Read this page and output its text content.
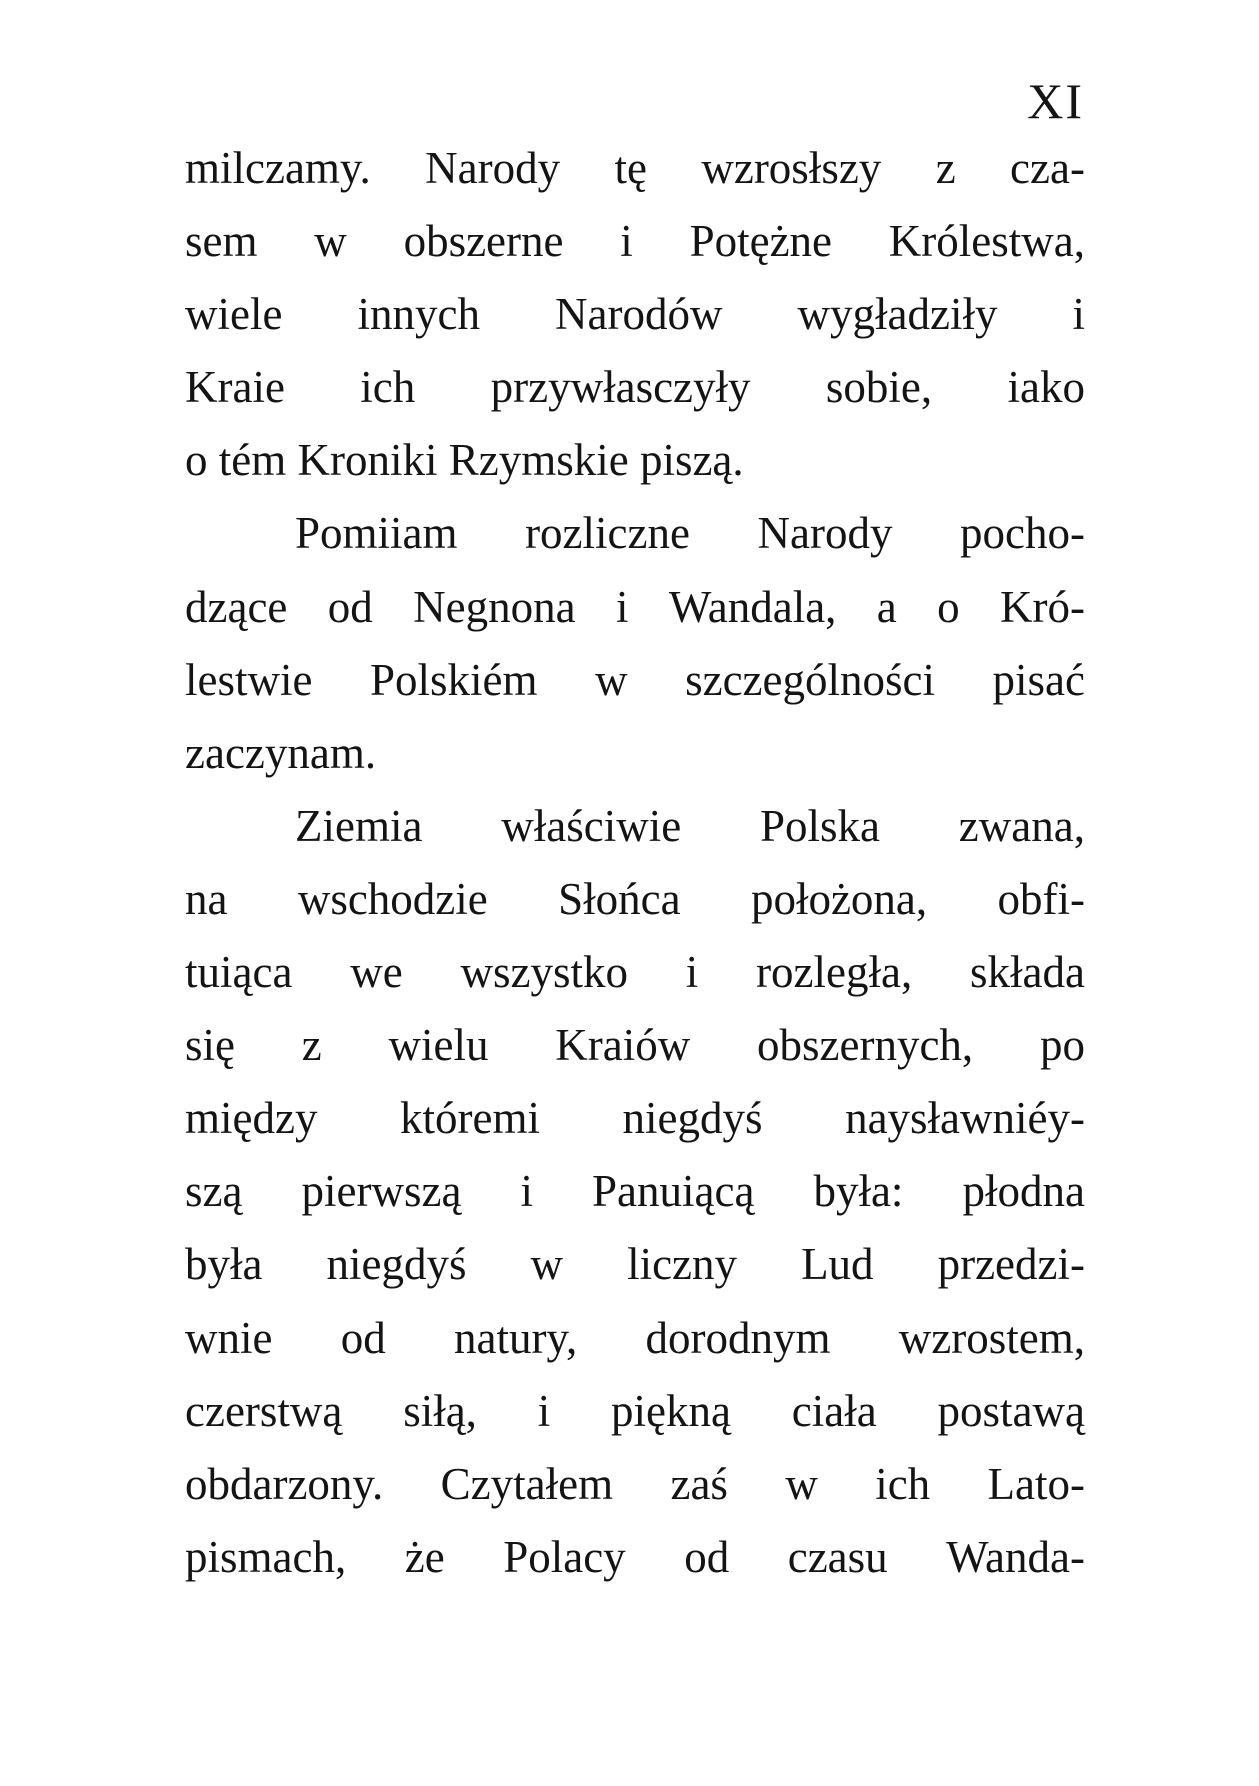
XI
milczamy. Narody tę wzrosłszy z cza-
sem w obszerne i Potężne Królestwa,
wiele innych Narodów wygładziły i
Kraie ich przywłasczyły sobie, iako
o tém Kroniki Rzymskie piszą.
Pomiiam rozliczne Narody pocho-
dzące od Negnona i Wandala, a o Kró-
lestwie Polskiém w szczególności pisać
zaczynam.
Ziemia właściwie Polska zwana,
na wschodzie Słońca położona, obfi-
tuiąca we wszystko i rozległa, składa
się z wielu Kraiów obszernych, po
między któremi niegdyś naysławniéy-
szą pierwszą i Panuiącą była: płodna
była niegdyś w liczny Lud przedzi-
wnie od natury, dorodnym wzrostem,
czerstwą siłą, i piękną ciała postawą
obdarzony. Czytałem zaś w ich Lato-
pismach, że Polacy od czasu Wanda-
